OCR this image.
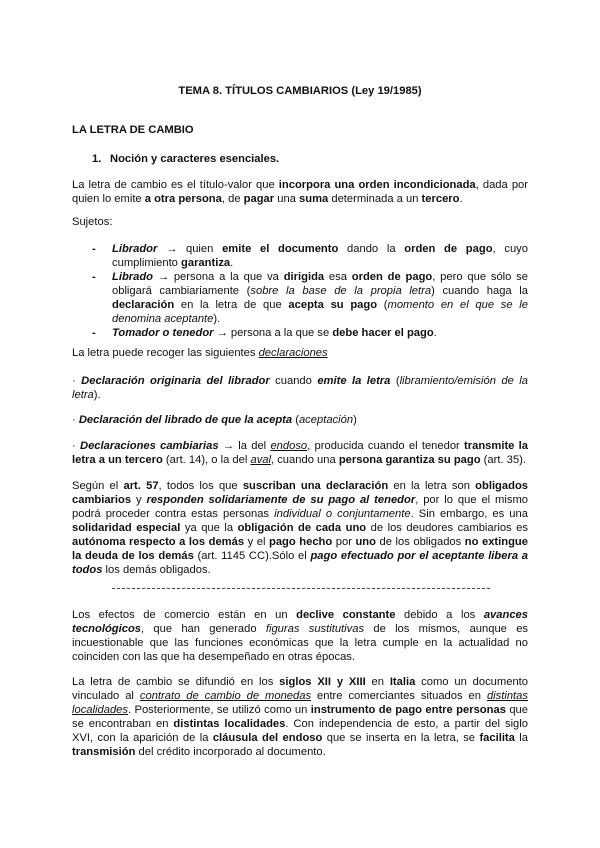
TEMA 8. TÍTULOS CAMBIARIOS (Ley 19/1985)

LA LETRA DE CAMBIO

1. Noción y caracteres esenciales.

La letra de cambio es el título-valor que incorpora una orden incondicionada, dada por quien lo emite a otra persona, de pagar una suma determinada a un tercero.

Sujetos:

- Librador → quien emite el documento dando la orden de pago, cuyo cumplimiento garantiza.
- Librado → persona a la que va dirigida esa orden de pago, pero que sólo se obligará cambiariamente (sobre la base de la propia letra) cuando haga la declaración en la letra de que acepta su pago (momento en el que se le denomina aceptante).
- Tomador o tenedor → persona a la que se debe hacer el pago.

La letra puede recoger las siguientes declaraciones

· Declaración originaria del librador cuando emite la letra (libramiento/emisión de la letra).

· Declaración del librado de que la acepta (aceptación)

· Declaraciones cambiarias → la del endoso, producida cuando el tenedor transmite la letra a un tercero (art. 14), o la del aval, cuando una persona garantiza su pago (art. 35).

Según el art. 57, todos los que suscriban una declaración en la letra son obligados cambiarios y responden solidariamente de su pago al tenedor, por lo que el mismo podrá proceder contra estas personas individual o conjuntamente. Sin embargo, es una solidaridad especial ya que la obligación de cada uno de los deudores cambiarios es autónoma respecto a los demás y el pago hecho por uno de los obligados no extingue la deuda de los demás (art. 1145 CC).Sólo el pago efectuado por el aceptante libera a todos los demás obligados.

Los efectos de comercio están en un declive constante debido a los avances tecnológicos, que han generado figuras sustitutivas de los mismos, aunque es incuestionable que las funciones económicas que la letra cumple en la actualidad no coinciden con las que ha desempeñado en otras épocas.

La letra de cambio se difundió en los siglos XII y XIII en Italia como un documento vinculado al contrato de cambio de monedas entre comerciantes situados en distintas localidades. Posteriormente, se utilizó como un instrumento de pago entre personas que se encontraban en distintas localidades. Con independencia de esto, a partir del siglo XVI, con la aparición de la cláusula del endoso que se inserta en la letra, se facilita la transmisión del crédito incorporado al documento.
